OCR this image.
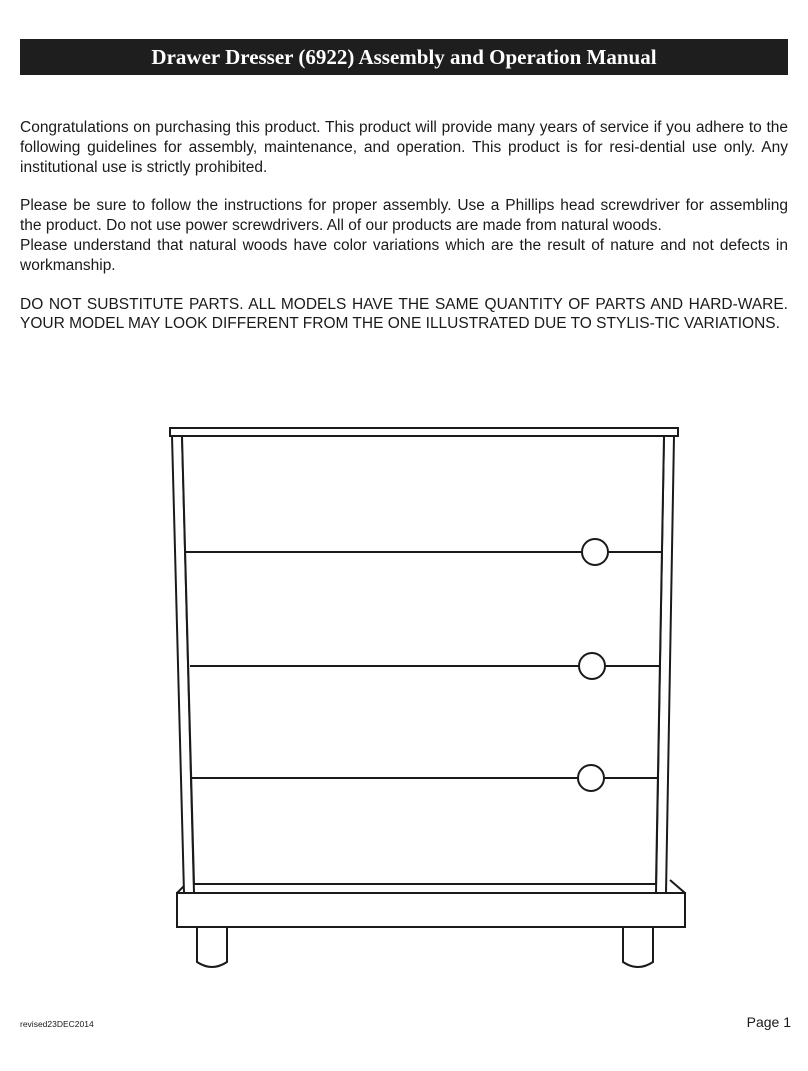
Drawer Dresser (6922) Assembly and Operation Manual

Congratulations on purchasing this product. This product will provide many years of service if you adhere to the following guidelines for assembly, maintenance, and operation. This product is for resi-dential use only. Any institutional use is strictly prohibited.

Please be sure to follow the instructions for proper assembly. Use a Phillips head screwdriver for assembling the product. Do not use power screwdrivers. All of our products are made from natural woods.

Please understand that natural woods have color variations which are the result of nature and not defects in workmanship.

DO NOT SUBSTITUTE PARTS. ALL MODELS HAVE THE SAME QUANTITY OF PARTS AND HARD-WARE. YOUR MODEL MAY LOOK DIFFERENT FROM THE ONE ILLUSTRATED DUE TO STYLIS-TIC VARIATIONS.

revised23DEC2014	Page 1
